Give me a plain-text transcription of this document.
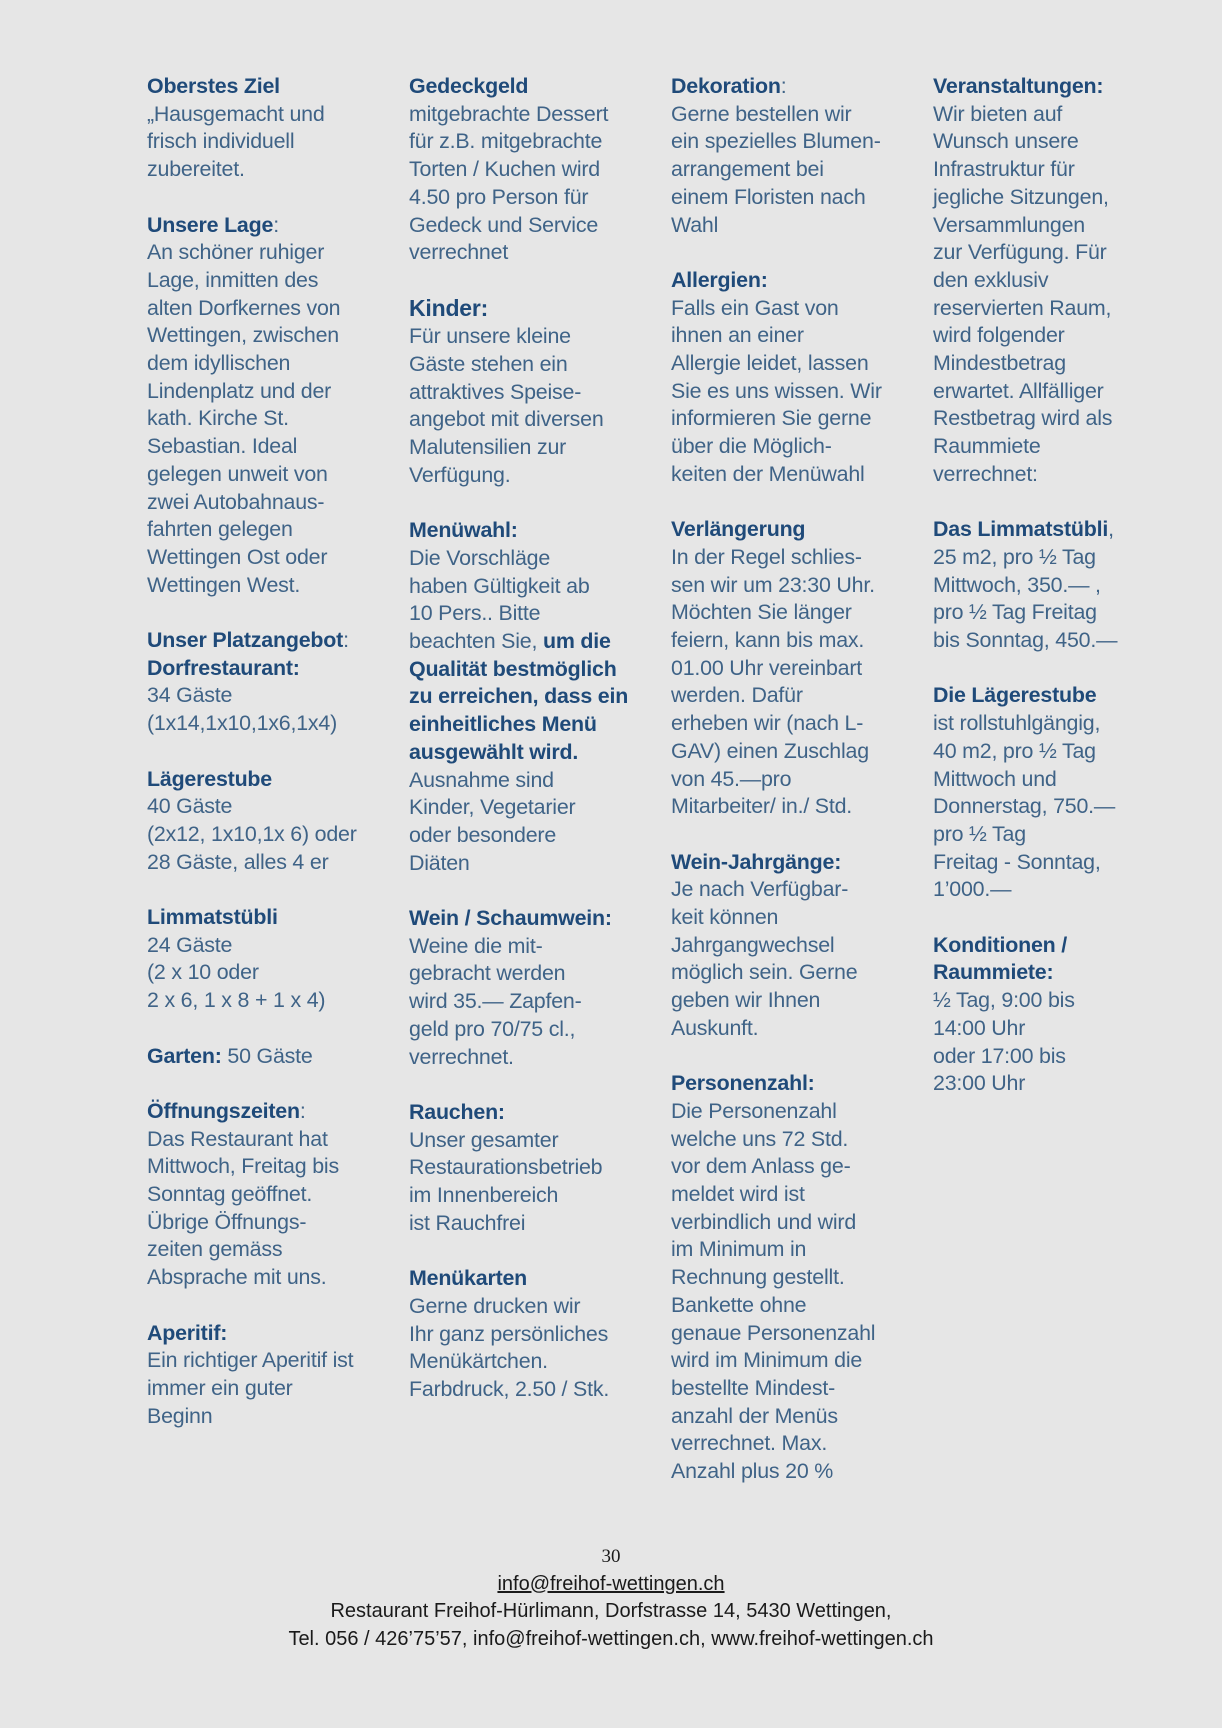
Oberstes Ziel
„Hausgemacht und
frisch individuell
zubereitet.
Unsere Lage:
An schöner ruhiger
Lage, inmitten des
alten Dorfkernes von
Wettingen, zwischen
dem idyllischen
Lindenplatz und der
kath. Kirche St.
Sebastian. Ideal
gelegen unweit von
zwei Autobahnaus-
fahrten gelegen
Wettingen Ost oder
Wettingen West.
Unser Platzangebot:
Dorfrestaurant:
34 Gäste
(1x14,1x10,1x6,1x4)
Lägerestube
40 Gäste
(2x12, 1x10,1x 6) oder
28 Gäste, alles 4 er
Limmatstübli
24 Gäste
(2 x 10 oder
2 x 6, 1 x 8 + 1 x 4)
Garten: 50 Gäste
Öffnungszeiten:
Das Restaurant hat
Mittwoch, Freitag bis
Sonntag geöffnet.
Übrige Öffnungs-
zeiten gemäss
Absprache mit uns.
Aperitif:
Ein richtiger Aperitif ist
immer ein guter
Beginn
Gedeckgeld
mitgebrachte Dessert
für z.B. mitgebrachte
Torten / Kuchen wird
4.50 pro Person für
Gedeck und Service
verrechnet
Kinder:
Für unsere kleine
Gäste stehen ein
attraktives Speise-
angebot mit diversen
Malutensilien zur
Verfügung.
Menüwahl:
Die Vorschläge
haben Gültigkeit ab
10 Pers.. Bitte
beachten Sie, um die
Qualität bestmöglich
zu erreichen, dass ein
einheitliches Menü
ausgewählt wird.
Ausnahme sind
Kinder, Vegetarier
oder besondere
Diäten
Wein / Schaumwein:
Weine die mit-
gebracht werden
wird 35.— Zapfen-
geld pro 70/75 cl.,
verrechnet.
Rauchen:
Unser gesamter
Restaurationsbetrieb
im Innenbereich
ist Rauchfrei
Menükarten
Gerne drucken wir
Ihr ganz persönliches
Menükärtchen.
Farbdruck, 2.50 / Stk.
Dekoration:
Gerne bestellen wir
ein spezielles Blumen-
arrangement bei
einem Floristen nach
Wahl
Allergien:
Falls ein Gast von
ihnen an einer
Allergie leidet, lassen
Sie es uns wissen. Wir
informieren Sie gerne
über die Möglich-
keiten der Menüwahl
Verlängerung
In der Regel schlies-
sen wir um 23:30 Uhr.
Möchten Sie länger
feiern, kann bis max.
01.00 Uhr vereinbart
werden. Dafür
erheben wir (nach L-
GAV) einen Zuschlag
von 45.—pro
Mitarbeiter/ in./ Std.
Wein-Jahrgänge:
Je nach Verfügbar-
keit können
Jahrgangwechsel
möglich sein. Gerne
geben wir Ihnen
Auskunft.
Personenzahl:
Die Personenzahl
welche uns 72 Std.
vor dem Anlass ge-
meldet wird ist
verbindlich und wird
im Minimum in
Rechnung gestellt.
Bankette ohne
genaue Personenzahl
wird im Minimum die
bestellte Mindest-
anzahl der Menüs
verrechnet. Max.
Anzahl plus 20 %
Veranstaltungen:
Wir bieten auf
Wunsch unsere
Infrastruktur für
jegliche Sitzungen,
Versammlungen
zur Verfügung. Für
den exklusiv
reservierten Raum,
wird folgender
Mindestbetrag
erwartet. Allfälliger
Restbetrag wird als
Raummiete
verrechnet:
Das Limmatstübli,
25 m2, pro ½ Tag
Mittwoch, 350.— ,
pro ½ Tag Freitag
bis Sonntag, 450.—
Die Lägerestube
ist rollstuhlgängig,
40 m2, pro ½ Tag
Mittwoch und
Donnerstag, 750.—
pro ½ Tag
Freitag - Sonntag,
1’000.—
Konditionen /
Raummiete:
½ Tag, 9:00 bis
14:00 Uhr
oder 17:00 bis
23:00 Uhr
30
info@freihof-wettingen.ch
Restaurant Freihof-Hürlimann, Dorfstrasse 14, 5430 Wettingen,
Tel. 056 / 426’75’57, info@freihof-wettingen.ch, www.freihof-wettingen.ch
